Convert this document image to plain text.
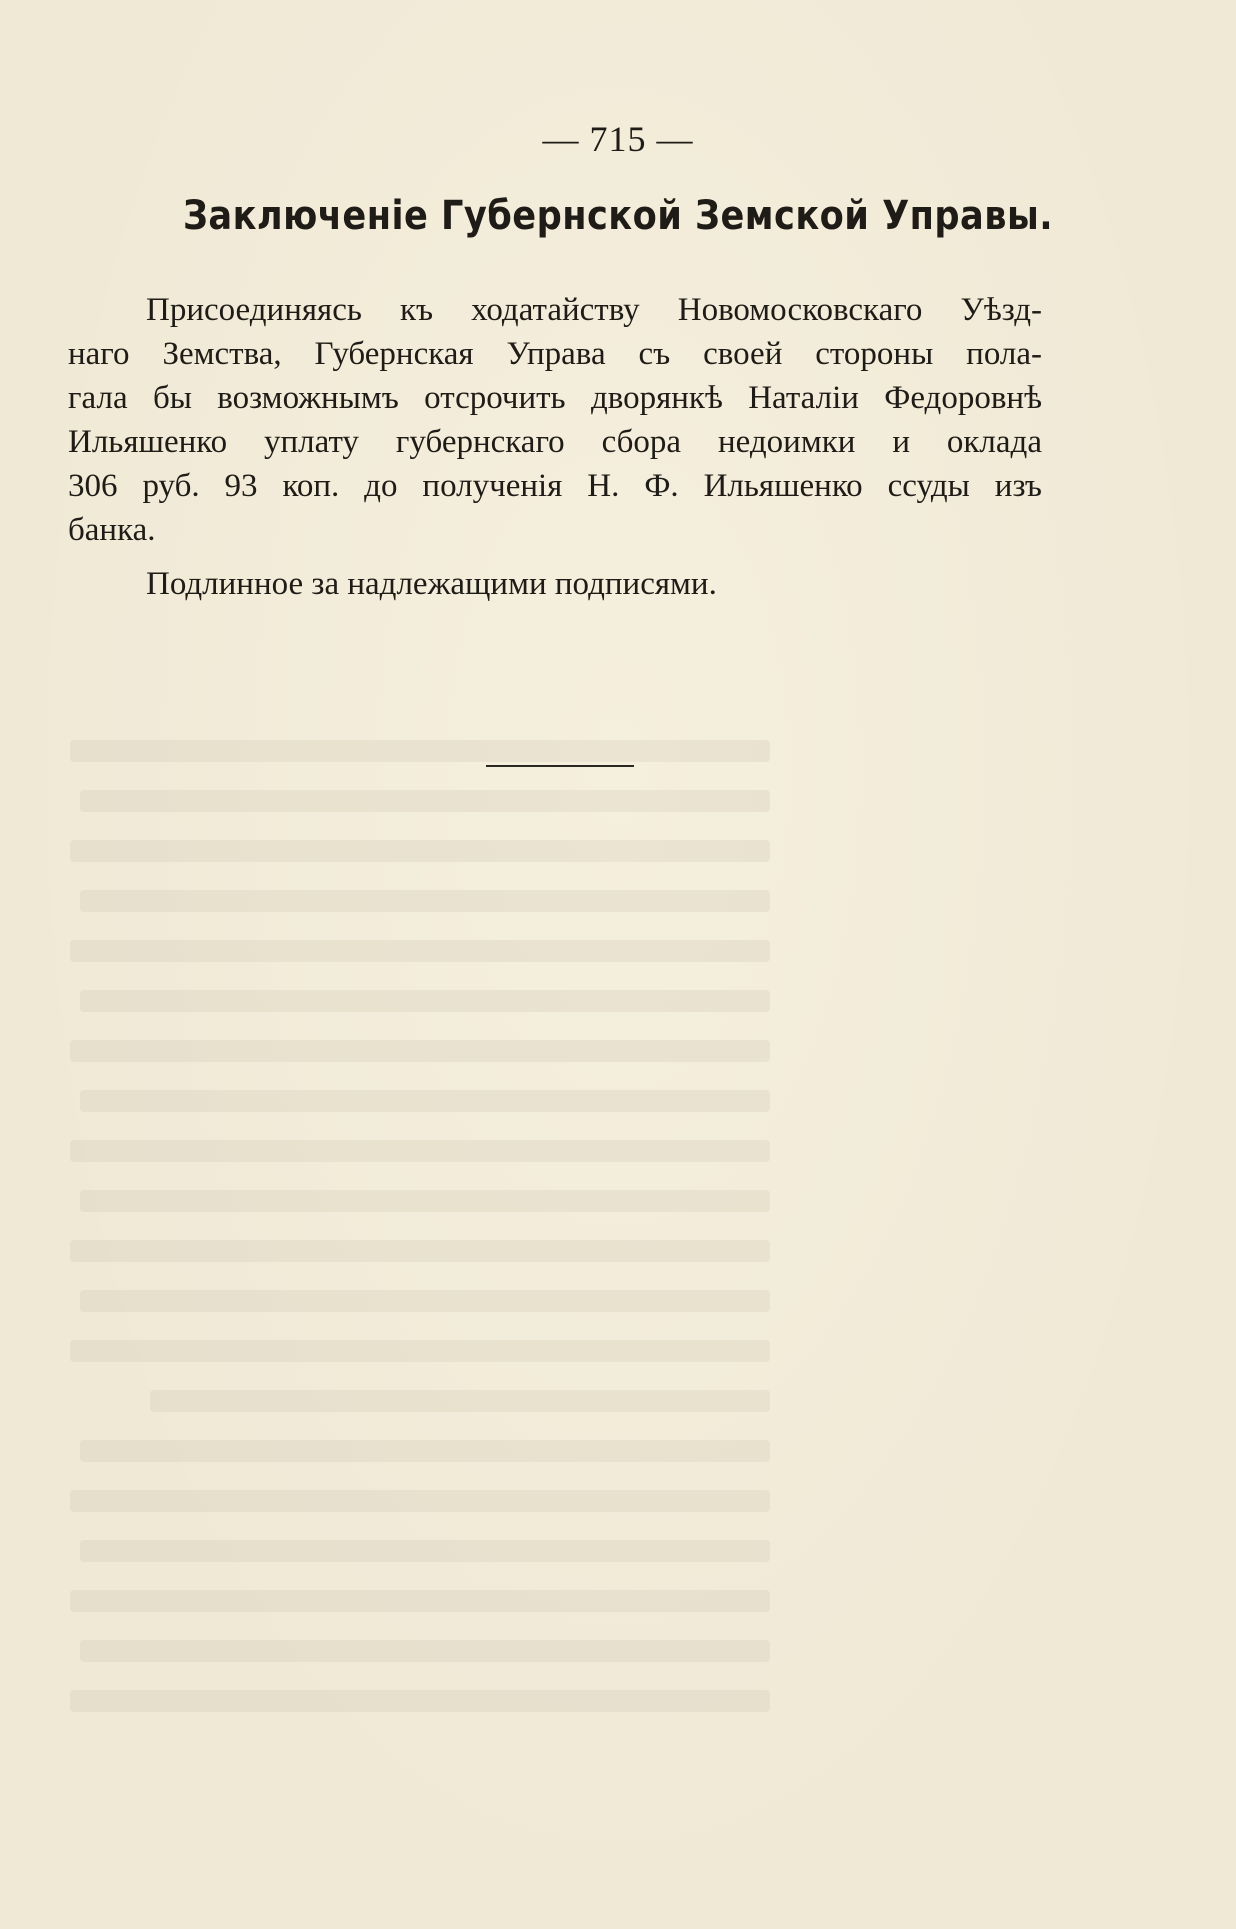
— 715 —
Заключеніе Губернской Земской Управы.
Присоединяясь къ ходатайству Новомосковскаго Уѣзд-
наго Земства, Губернская Управа съ своей стороны пола-
гала бы возможнымъ отсрочить дворянкѣ Наталіи Федоровнѣ
Ильяшенко уплату губернскаго сбора недоимки и оклада
306 руб. 93 коп. до полученія Н. Ф. Ильяшенко ссуды изъ
банка.
Подлинное за надлежащими подписями.
